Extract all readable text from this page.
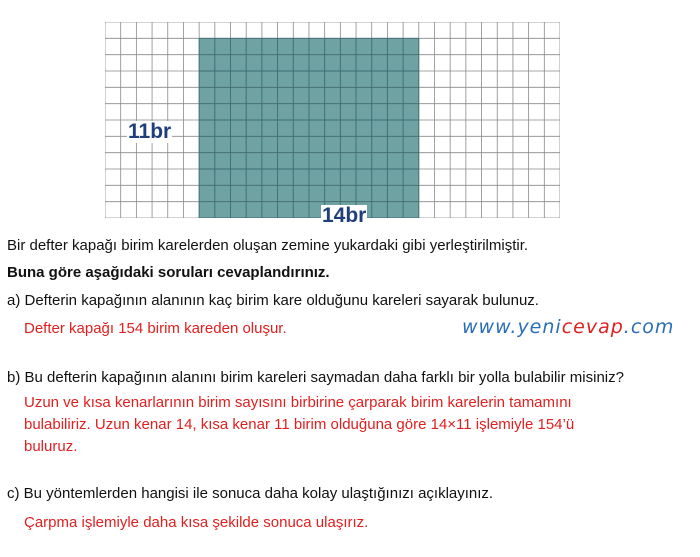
11br
14br
Bir defter kapağı birim karelerden oluşan zemine yukardaki gibi yerleştirilmiştir.
Buna göre aşağıdaki soruları cevaplandırınız.
a) Defterin kapağının alanının kaç birim kare olduğunu kareleri sayarak bulunuz.
Defter kapağı 154 birim kareden oluşur.	www.yenicevap.com
b) Bu defterin kapağının alanını birim kareleri saymadan daha farklı bir yolla bulabilir misiniz?
Uzun ve kısa kenarlarının birim sayısını birbirine çarparak birim karelerin tamamını
bulabiliriz. Uzun kenar 14, kısa kenar 11 birim olduğuna göre 14×11 işlemiyle 154’ü
buluruz.
c) Bu yöntemlerden hangisi ile sonuca daha kolay ulaştığınızı açıklayınız.
Çarpma işlemiyle daha kısa şekilde sonuca ulaşırız.
